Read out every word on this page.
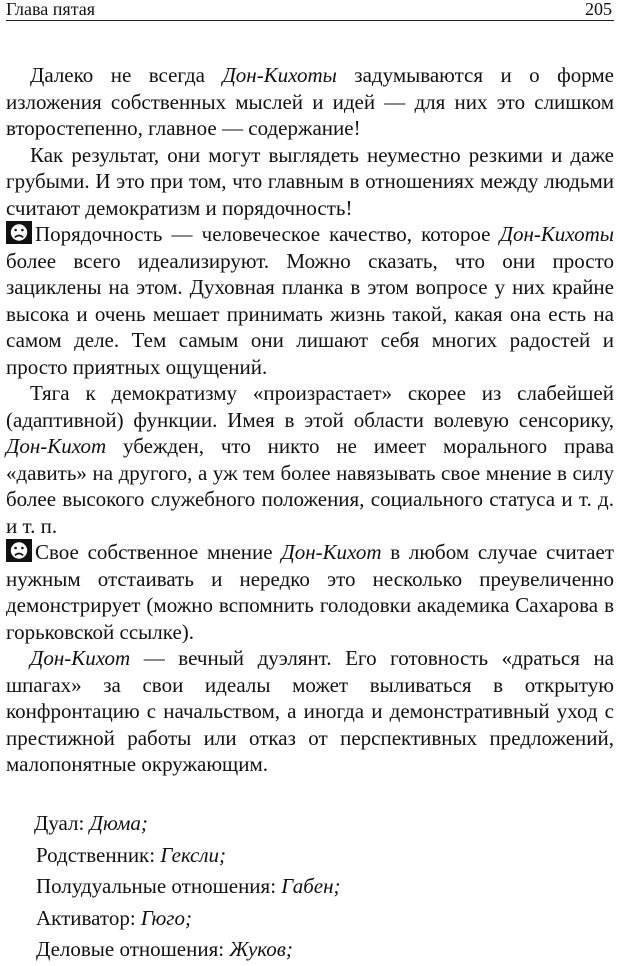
Глава пятая	205

Далеко не всегда Дон-Кихоты задумываются и о форме изложения собственных мыслей и идей — для них это слишком второстепенно, главное — содержание!

Как результат, они могут выглядеть неуместно резкими и даже грубыми. И это при том, что главным в отношениях между людьми считают демократизм и порядочность!

Порядочность — человеческое качество, которое Дон-Кихоты более всего идеализируют. Можно сказать, что они просто зациклены на этом. Духовная планка в этом вопросе у них крайне высока и очень мешает принимать жизнь такой, какая она есть на самом деле. Тем самым они лишают себя многих радостей и просто приятных ощущений.

Тяга к демократизму «произрастает» скорее из слабейшей (адаптивной) функции. Имея в этой области волевую сенсорику, Дон-Кихот убежден, что никто не имеет морального права «давить» на другого, а уж тем более навязывать свое мнение в силу более высокого служебного положения, социального статуса и т. д. и т. п.

Свое собственное мнение Дон-Кихот в любом случае считает нужным отстаивать и нередко это несколько преувеличенно демонстрирует (можно вспомнить голодовки академика Сахарова в горьковской ссылке).

Дон-Кихот — вечный дуэлянт. Его готовность «драться на шпагах» за свои идеалы может выливаться в открытую конфронтацию с начальством, а иногда и демонстративный уход с престижной работы или отказ от перспективных предложений, малопонятные окружающим.

Дуал: Дюма;
Родственник: Гексли;
Полудуальные отношения: Габен;
Активатор: Гюго;
Деловые отношения: Жуков;
